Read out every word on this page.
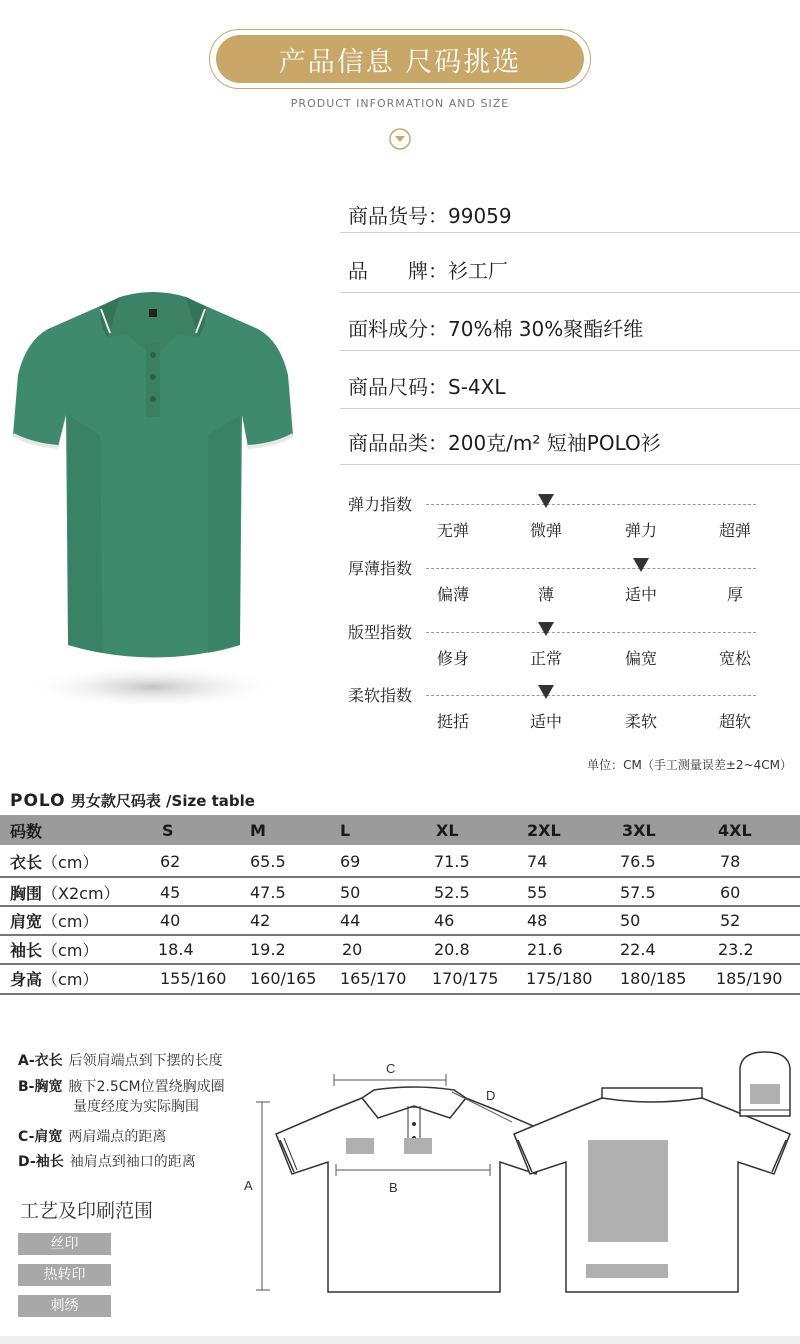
产品信息 尺码挑选
PRODUCT INFORMATION AND SIZE
商品货号：99059
品　　牌：衫工厂
面料成分：70%棉 30%聚酯纤维
商品尺码：S-4XL
商品品类：200克/m² 短袖POLO衫
弹力指数
无弹	微弹	弹力	超弹
厚薄指数
偏薄	薄	适中	厚
版型指数
修身	正常	偏宽	宽松
柔软指数
挺括	适中	柔软	超软
单位：CM（手工测量误差±2~4CM）
POLO 男女款尺码表 /Size table
码数	S	M	L	XL	2XL	3XL	4XL
衣长（cm）	62	65.5	69	71.5	74	76.5	78
胸围（X2cm）	45	47.5	50	52.5	55	57.5	60
肩宽（cm）	40	42	44	46	48	50	52
袖长（cm）	18.4	19.2	20	20.8	21.6	22.4	23.2
身高（cm）	155/160 160/165 165/170 170/175 175/180 180/185 185/190
A-衣长 后领肩端点到下摆的长度
B-胸宽 腋下2.5CM位置绕胸成圈
量度经度为实际胸围
C-肩宽 两肩端点的距离
D-袖长 袖肩点到袖口的距离
工艺及印刷范围
丝印
热转印
刺绣
A
C
D
B
